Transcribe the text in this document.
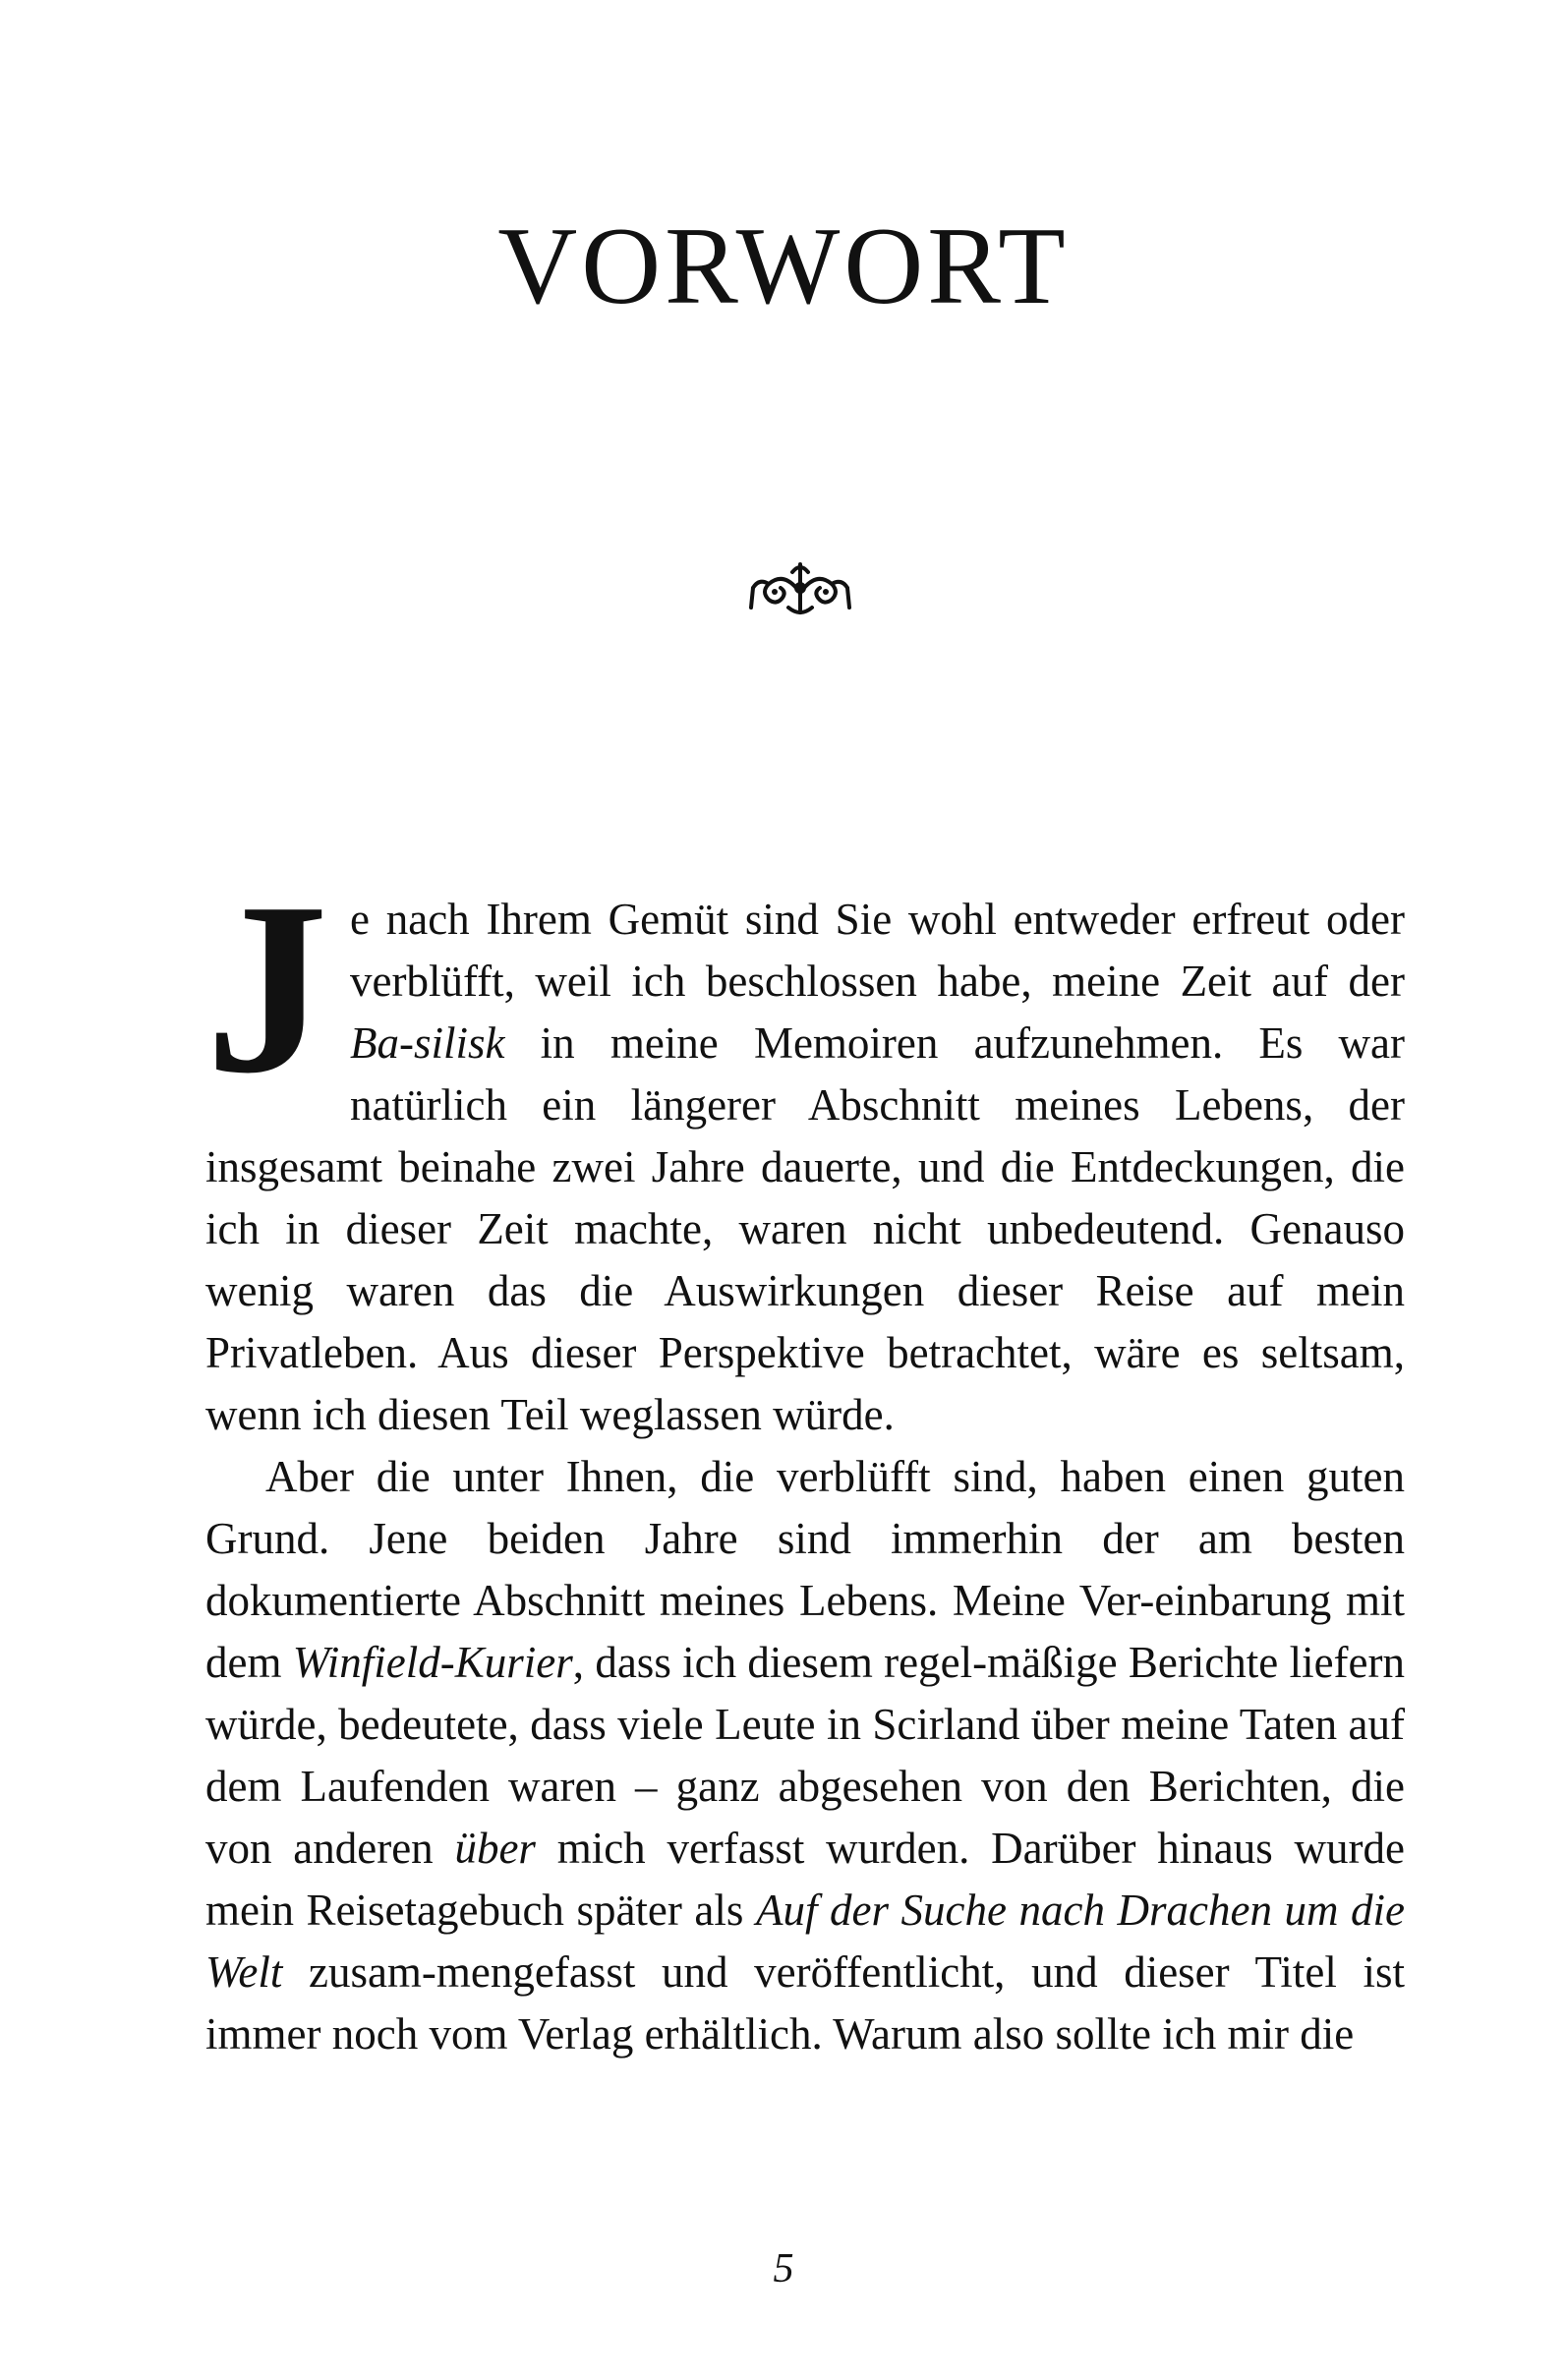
VORWORT

Je nach Ihrem Gemüt sind Sie wohl entweder erfreut oder verblüfft, weil ich beschlossen habe, meine Zeit auf der Ba-silisk in meine Memoiren aufzunehmen. Es war natürlich ein längerer Abschnitt meines Lebens, der insgesamt beinahe zwei Jahre dauerte, und die Entdeckungen, die ich in dieser Zeit machte, waren nicht unbedeutend. Genauso wenig waren das die Auswirkungen dieser Reise auf mein Privatleben. Aus dieser Perspektive betrachtet, wäre es seltsam, wenn ich diesen Teil weglassen würde.

Aber die unter Ihnen, die verblüfft sind, haben einen guten Grund. Jene beiden Jahre sind immerhin der am besten dokumentierte Abschnitt meines Lebens. Meine Ver-einbarung mit dem Winfield-Kurier, dass ich diesem regel-mäßige Berichte liefern würde, bedeutete, dass viele Leute in Scirland über meine Taten auf dem Laufenden waren – ganz abgesehen von den Berichten, die von anderen über mich verfasst wurden. Darüber hinaus wurde mein Reisetagebuch später als Auf der Suche nach Drachen um die Welt zusam-mengefasst und veröffentlicht, und dieser Titel ist immer noch vom Verlag erhältlich. Warum also sollte ich mir die

5
